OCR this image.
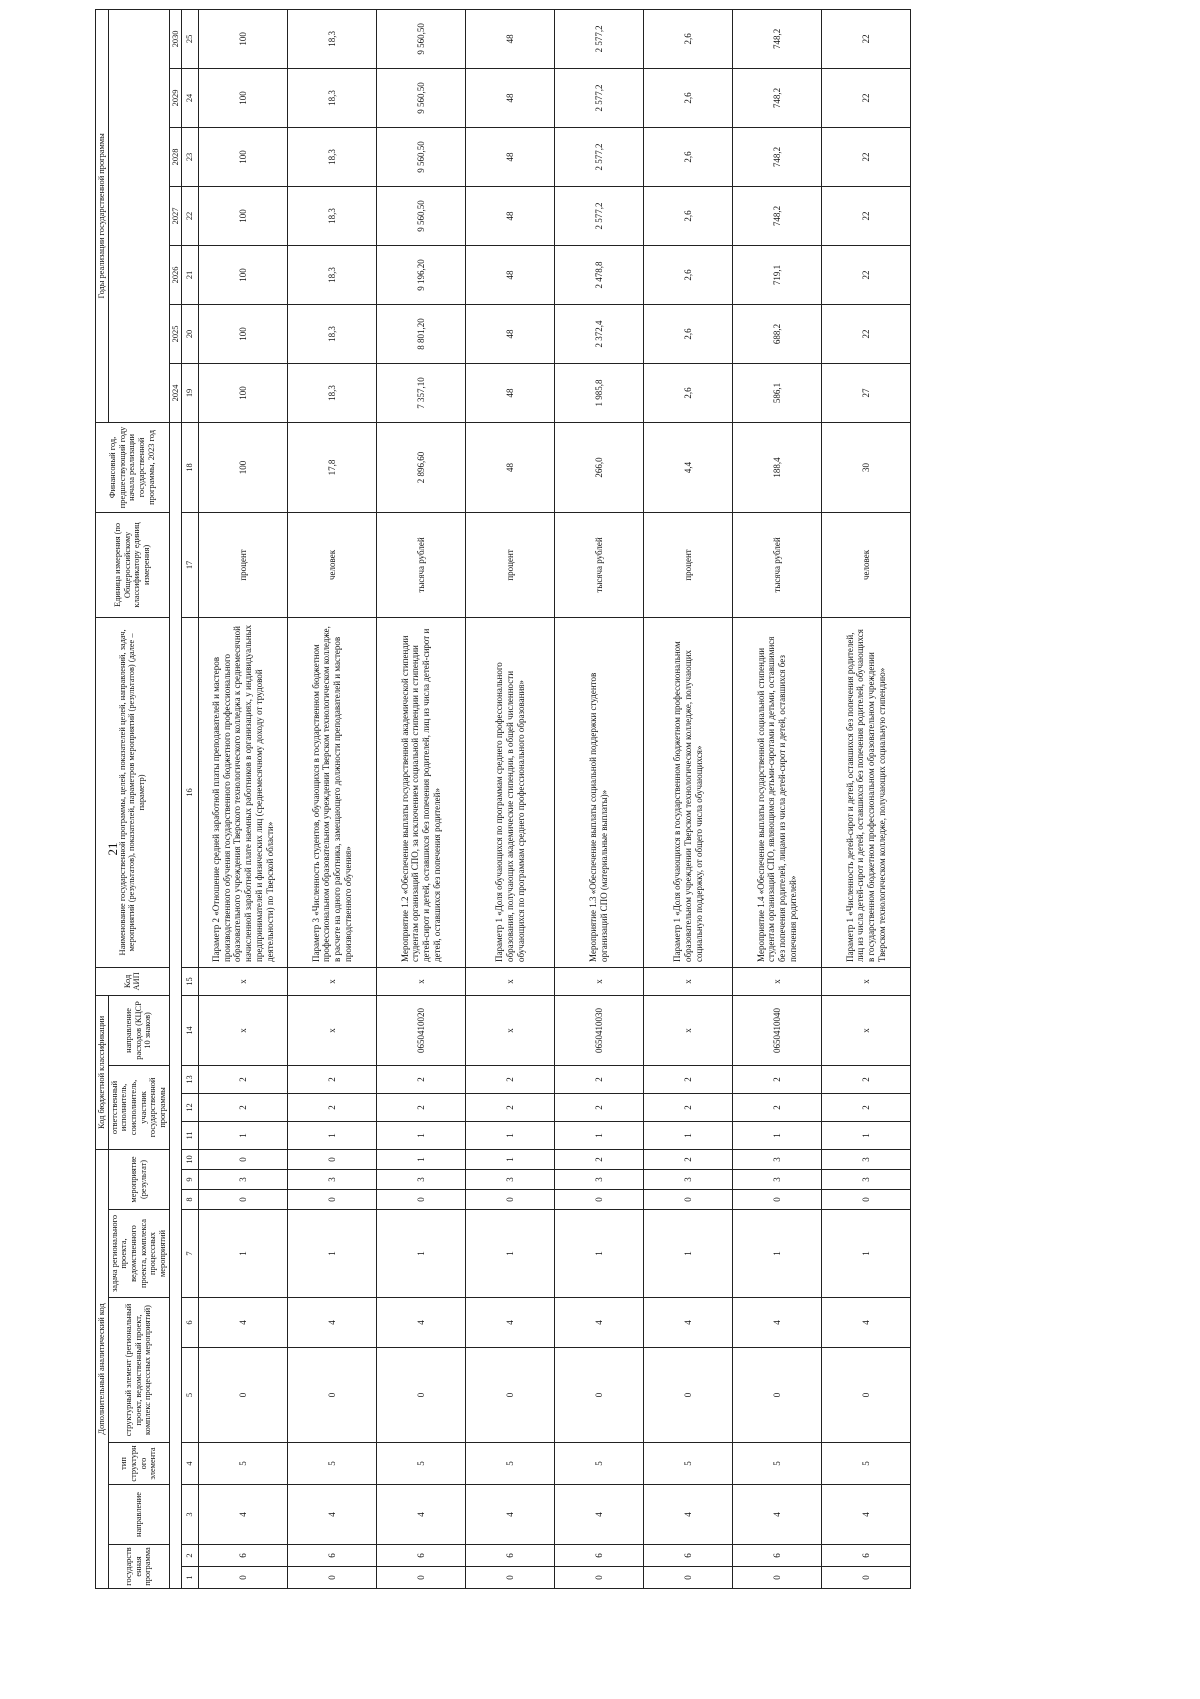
21
Дополнительный аналитический код										Код бюджетной классификации				Код АИП	Наименование государственной программы, целей, показателей целей, направлений, задач, мероприятий (результатов), показателей, параметров мероприятий (результатов) (далее – параметр)	Единица измерения (по Общероссийскому классификатору единиц измерения)	Финансовый год, предшествующий году начала реализации государственной программы, 2023 год	Годы реализации государственной программы						
государственная программа		направление	тип структурного элемента	структурный элемент (региональный проект, ведомственный проект, комплекс процессных мероприятий)		задача регионального проекта, ведомственного проекта, комплекса процессных мероприятий	мероприятие (результат)			ответственный исполнитель, соисполнитель, участник государственной программы			направление расходов (КЦСР 10 знаков)											

																		2024	2025	2026	2027	2028	2029	2030
1	2	3	4	5	6	7	8	9	10	11	12	13	14	15	16	17	18	19	20	21	22	23	24	25
0	6	4	5	0	4	1	0	3	0	1	2	2	х	х	Параметр 2 «Отношение средней заработной платы преподавателей и мастеров производственного обучения государственного бюджетного профессионального образовательного учреждения Тверского технологического колледжа к среднемесячной начисленной заработной плате наемных работников в организациях, у индивидуальных предпринимателей и физических лиц (среднемесячному доходу от трудовой деятельности) по Тверской области»	процент	100	100	100	100	100	100	100	100
0	6	4	5	0	4	1	0	3	0	1	2	2	х	х	Параметр 3 «Численность студентов, обучающихся в государственном бюджетном профессиональном образовательном учреждении Тверском технологическом колледже, в расчете на одного работника, замещающего должности преподавателей и мастеров производственного обучения»	человек	17,8	18,3	18,3	18,3	18,3	18,3	18,3	18,3
0	6	4	5	0	4	1	0	3	1	1	2	2	0650410020	х	Мероприятие 1.2 «Обеспечение выплаты государственной академической стипендии студентам организаций СПО, за исключением социальной стипендии и стипендии детей-сирот и детей, оставшихся без попечения родителей, лиц из числа детей-сирот и детей, оставшихся без попечения родителей»	тысяча рублей	2 896,60	7 357,10	8 801,20	9 196,20	9 560,50	9 560,50	9 560,50	9 560,50
0	6	4	5	0	4	1	0	3	1	1	2	2	х	х	Параметр 1 «Доля обучающихся по программам среднего профессионального образования, получающих академические стипендии, в общей численности обучающихся по программам среднего профессионального образования»	процент	48	48	48	48	48	48	48	48
0	6	4	5	0	4	1	0	3	2	1	2	2	0650410030	х	Мероприятие 1.3 «Обеспечение выплаты социальной поддержки студентов организаций СПО (материальные выплаты)»	тысяча рублей	266,0	1 985,8	2 372,4	2 478,8	2 577,2	2 577,2	2 577,2	2 577,2
0	6	4	5	0	4	1	0	3	2	1	2	2	х	х	Параметр 1 «Доля обучающихся в государственном бюджетном профессиональном образовательном учреждении Тверском технологическом колледже, получающих социальную поддержку, от общего числа обучающихся»	процент	4,4	2,6	2,6	2,6	2,6	2,6	2,6	2,6
0	6	4	5	0	4	1	0	3	3	1	2	2	0650410040	х	Мероприятие 1.4 «Обеспечение выплаты государственной социальной стипендии студентам организаций СПО, являющимся детьми-сиротами и детьми, оставшимися без попечения родителей, лицами из числа детей-сирот и детей, оставшихся без попечения родителей»	тысяча рублей	188,4	586,1	688,2	719,1	748,2	748,2	748,2	748,2
0	6	4	5	0	4	1	0	3	3	1	2	2	х	х	Параметр 1 «Численность детей-сирот и детей, оставшихся без попечения родителей, лиц из числа детей-сирот и детей, оставшихся без попечения родителей, обучающихся в государственном бюджетном профессиональном образовательном учреждении Тверском технологическом колледже, получающих социальную стипендию»	человек	30	27	22	22	22	22	22	22
